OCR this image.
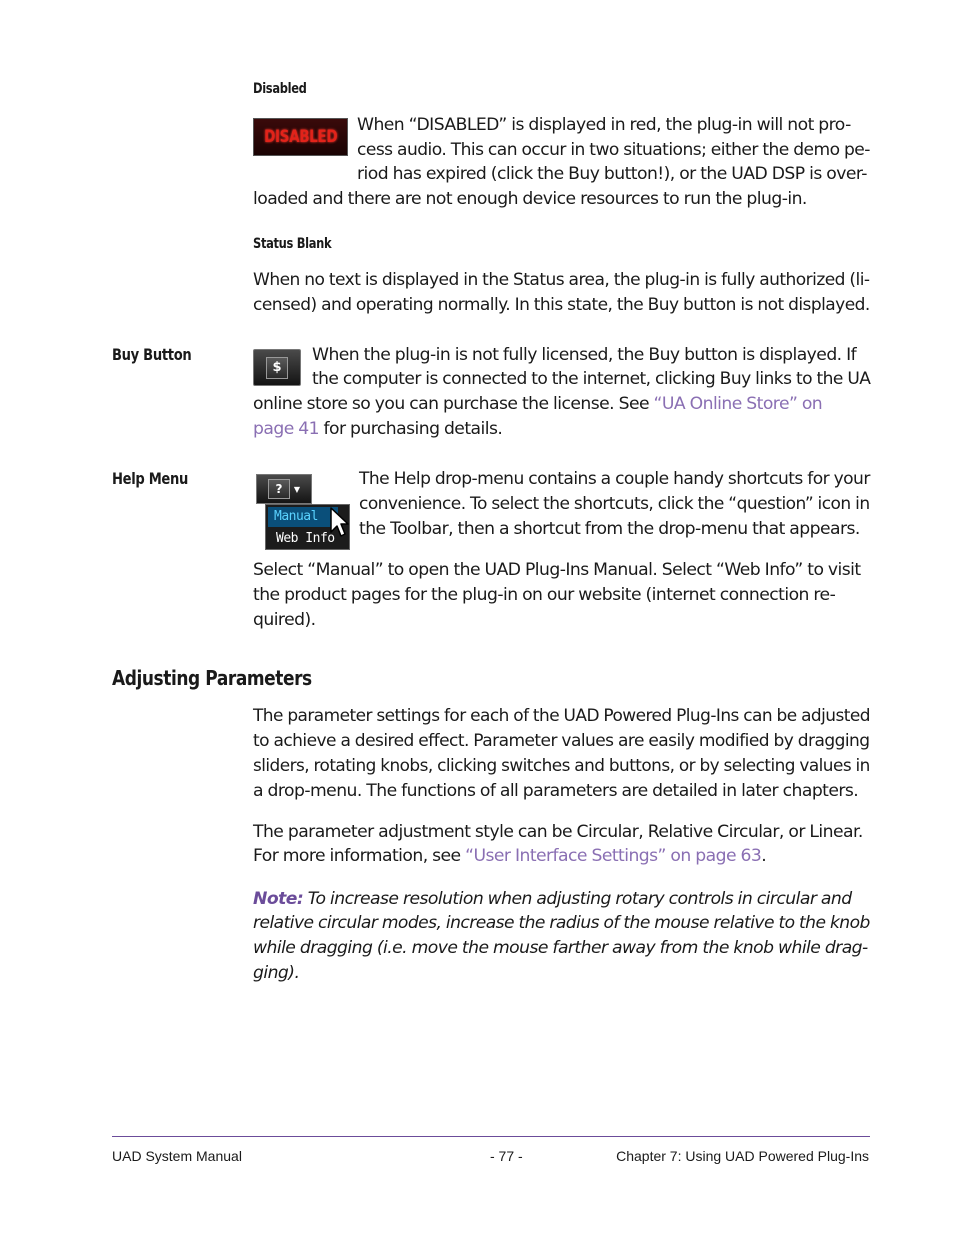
Disabled
DISABLED
When “DISABLED” is displayed in red, the plug-in will not pro-
cess audio. This can occur in two situations; either the demo pe-
riod has expired (click the Buy button!), or the UAD DSP is over-
loaded and there are not enough device resources to run the plug-in.
Status Blank
When no text is displayed in the Status area, the plug-in is fully authorized (li-
censed) and operating normally. In this state, the Buy button is not displayed.
Buy Button
$
When the plug-in is not fully licensed, the Buy button is displayed. If
the computer is connected to the internet, clicking Buy links to the UA
online store so you can purchase the license. See “UA Online Store” on
page 41 for purchasing details.
Help Menu
?	▼
Manual
Web Info
The Help drop-menu contains a couple handy shortcuts for your
convenience. To select the shortcuts, click the “question” icon in
the Toolbar, then a shortcut from the drop-menu that appears.
Select “Manual” to open the UAD Plug-Ins Manual. Select “Web Info” to visit
the product pages for the plug-in on our website (internet connection re-
quired).
Adjusting Parameters
The parameter settings for each of the UAD Powered Plug-Ins can be adjusted
to achieve a desired effect. Parameter values are easily modified by dragging
sliders, rotating knobs, clicking switches and buttons, or by selecting values in
a drop-menu. The functions of all parameters are detailed in later chapters.
The parameter adjustment style can be Circular, Relative Circular, or Linear.
For more information, see “User Interface Settings” on page 63.
Note: To increase resolution when adjusting rotary controls in circular and
relative circular modes, increase the radius of the mouse relative to the knob
while dragging (i.e. move the mouse farther away from the knob while drag-
ging).
UAD System Manual	- 77 -	Chapter 7: Using UAD Powered Plug-Ins
